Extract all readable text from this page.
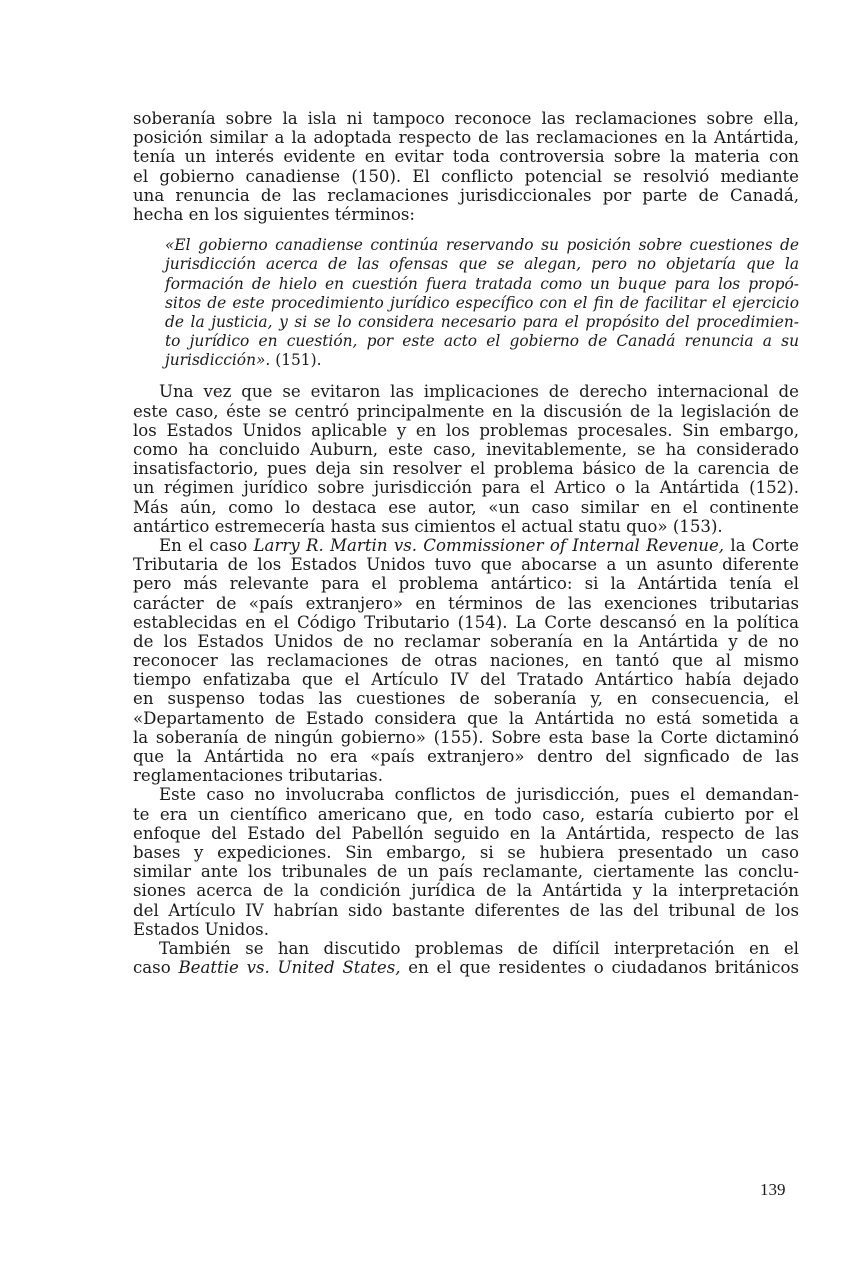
soberanía sobre la isla ni tampoco reconoce las reclamaciones sobre ella,
posición similar a la adoptada respecto de las reclamaciones en la Antártida,
tenía un interés evidente en evitar toda controversia sobre la materia con
el gobierno canadiense (150). El conflicto potencial se resolvió mediante
una renuncia de las reclamaciones jurisdiccionales por parte de Canadá,
hecha en los siguientes términos:
«El gobierno canadiense continúa reservando su posición sobre cuestiones de
jurisdicción acerca de las ofensas que se alegan, pero no objetaría que la
formación de hielo en cuestión fuera tratada como un buque para los propó-
sitos de este procedimiento jurídico específico con el fin de facilitar el ejercicio
de la justicia, y si se lo considera necesario para el propósito del procedimien-
to jurídico en cuestión, por este acto el gobierno de Canadá renuncia a su
jurisdicción». (151).
Una vez que se evitaron las implicaciones de derecho internacional de
este caso, éste se centró principalmente en la discusión de la legislación de
los Estados Unidos aplicable y en los problemas procesales. Sin embargo,
como ha concluido Auburn, este caso, inevitablemente, se ha considerado
insatisfactorio, pues deja sin resolver el problema básico de la carencia de
un régimen jurídico sobre jurisdicción para el Artico o la Antártida (152).
Más aún, como lo destaca ese autor, «un caso similar en el continente
antártico estremecería hasta sus cimientos el actual statu quo» (153).
En el caso Larry R. Martin vs. Commissioner of Internal Revenue, la Corte
Tributaria de los Estados Unidos tuvo que abocarse a un asunto diferente
pero más relevante para el problema antártico: si la Antártida tenía el
carácter de «país extranjero» en términos de las exenciones tributarias
establecidas en el Código Tributario (154). La Corte descansó en la política
de los Estados Unidos de no reclamar soberanía en la Antártida y de no
reconocer las reclamaciones de otras naciones, en tantó que al mismo
tiempo enfatizaba que el Artículo IV del Tratado Antártico había dejado
en suspenso todas las cuestiones de soberanía y, en consecuencia, el
«Departamento de Estado considera que la Antártida no está sometida a
la soberanía de ningún gobierno» (155). Sobre esta base la Corte dictaminó
que la Antártida no era «país extranjero» dentro del signficado de las
reglamentaciones tributarias.
Este caso no involucraba conflictos de jurisdicción, pues el demandan-
te era un científico americano que, en todo caso, estaría cubierto por el
enfoque del Estado del Pabellón seguido en la Antártida, respecto de las
bases y expediciones. Sin embargo, si se hubiera presentado un caso
similar ante los tribunales de un país reclamante, ciertamente las conclu-
siones acerca de la condición jurídica de la Antártida y la interpretación
del Artículo IV habrían sido bastante diferentes de las del tribunal de los
Estados Unidos.
También se han discutido problemas de difícil interpretación en el
caso Beattie vs. United States, en el que residentes o ciudadanos británicos
139
